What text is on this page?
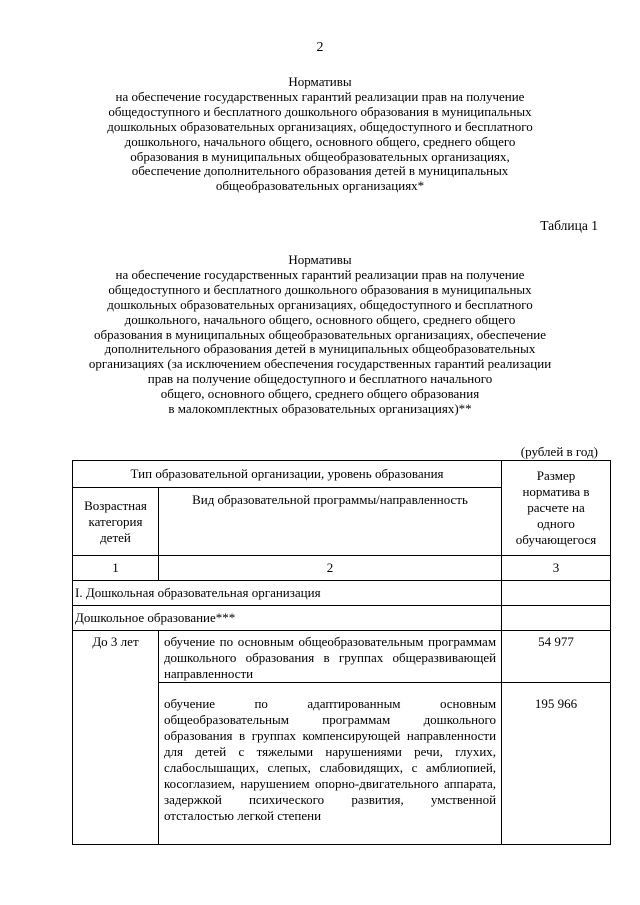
2
Нормативы
на обеспечение государственных гарантий реализации прав на получение
общедоступного и бесплатного дошкольного образования в муниципальных
дошкольных образовательных организациях, общедоступного и бесплатного
дошкольного, начального общего, основного общего, среднего общего
образования в муниципальных общеобразовательных организациях,
обеспечение дополнительного образования детей в муниципальных
общеобразовательных организациях*
Таблица 1
Нормативы
на обеспечение государственных гарантий реализации прав на получение
общедоступного и бесплатного дошкольного образования в муниципальных
дошкольных образовательных организациях, общедоступного и бесплатного
дошкольного, начального общего, основного общего, среднего общего
образования в муниципальных общеобразовательных организациях, обеспечение
дополнительного образования детей в муниципальных общеобразовательных
организациях (за исключением обеспечения государственных гарантий реализации
прав на получение общедоступного и бесплатного начального
общего, основного общего, среднего общего образования
в малокомплектных образовательных организациях)**
(рублей в год)
Тип образовательной организации, уровень образования		Размер норматива в расчете на одного обучающегося
Возрастная категория детей	Вид образовательной программы/направленность	
1	2	3
I. Дошкольная образовательная организация		
Дошкольное образование***		
До 3 лет	обучение по основным общеобразовательным программам дошкольного образования в группах общеразвивающей направленности	54 977
	обучение по адаптированным основным общеобразовательным программам дошкольного образования в группах компенсирующей направленности для детей с тяжелыми нарушениями речи, глухих, слабослышащих, слепых, слабовидящих, с амблиопией, косоглазием, нарушением опорно-двигательного аппарата, задержкой психического развития, умственной отсталостью легкой степени	195 966
